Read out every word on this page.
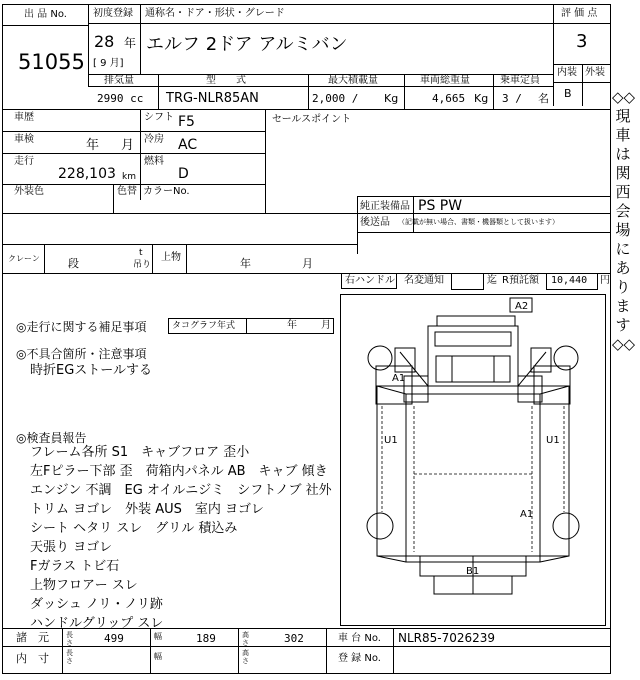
出 品 No.
51055
初度登録
28 年
[ 9 月]
通称名・ドア・形状・グレード
エルフ 2ドア アルミバン
評 価 点
3
内装 外装
B
排気量	型　　式	最大積載量	車両総重量	乗車定員
2990 cc TRG-NLR85AN	2,000 / Kg	4,665 Kg 3 / 名
車歴	シフト F5
車検	年 月 冷房 AC
走行
228,103 km
燃料
D
外装色	色替 カラーNo.
セールスポイント
純正装備品 PS PW
後送品 （記載が無い場合、書類・機器類として扱います）
クレーン	段
t
吊り
上物	年	月
右ハンドル 名変通知	迄 R預託額 10,440 円
◎走行に関する補足事項	タコグラフ年式	年 月
◎不具合箇所・注意事項
時折EGストールする
◎検査員報告
フレーム各所 S1　キャブフロア 歪小
左Fピラー下部 歪　荷箱内パネル AB　キャブ 傾き
エンジン 不調　EG オイルニジミ　シフトノブ 社外
トリム ヨゴレ　外装 AUS　室内 ヨゴレ
シート ヘタリ スレ　グリル 積込み
天張り ヨゴレ
Fガラス トビ石
上物フロアー スレ
ダッシュ ノリ・ノリ跡
ハンドルグリップ スレ
A2
A1
U1	U1
A1
B1
◇◇現車は関西会場にあります◇◇
諸　元 長さ	499	幅	189	高さ	302	車 台 No. NLR85-7026239
内　寸 長さ	幅	高さ	登 録 No.
